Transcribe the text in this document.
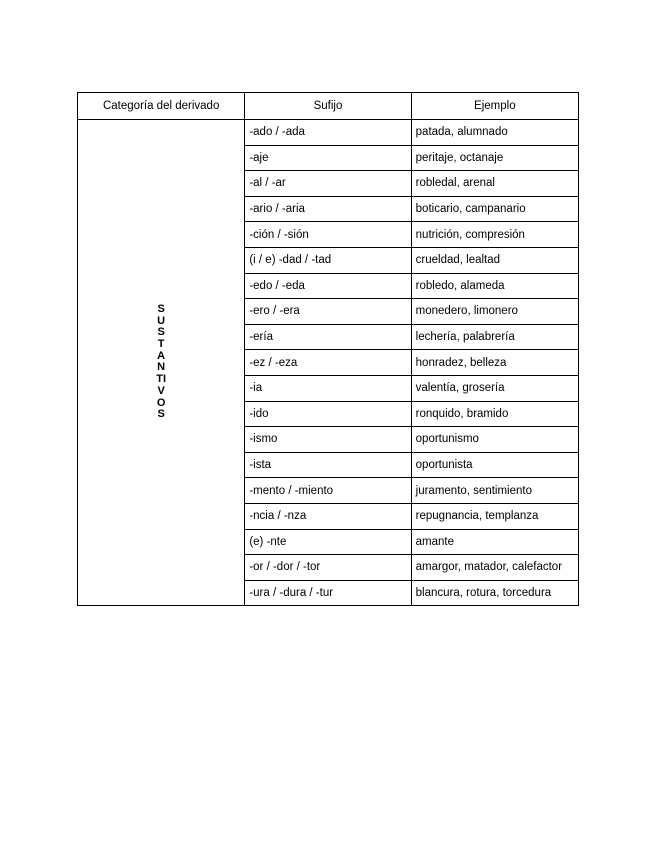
Categoría del derivado	Sufijo	Ejemplo
SUSTANTIVOS	-ado / -ada	patada, alumnado
	-aje	peritaje, octanaje
	-al / -ar	robledal, arenal
	-ario / -aria	boticario, campanario
	-ción / -sión	nutrición, compresión
	(i / e) -dad / -tad	crueldad, lealtad
	-edo / -eda	robledo, alameda
	-ero / -era	monedero, limonero
	-ería	lechería, palabrería
	-ez / -eza	honradez, belleza
	-ia	valentía, grosería
	-ido	ronquido, bramido
	-ismo	oportunismo
	-ista	oportunista
	-mento / -miento	juramento, sentimiento
	-ncia / -nza	repugnancia, templanza
	(e) -nte	amante
	-or / -dor / -tor	amargor, matador, calefactor
	-ura / -dura / -tur	blancura, rotura, torcedura
